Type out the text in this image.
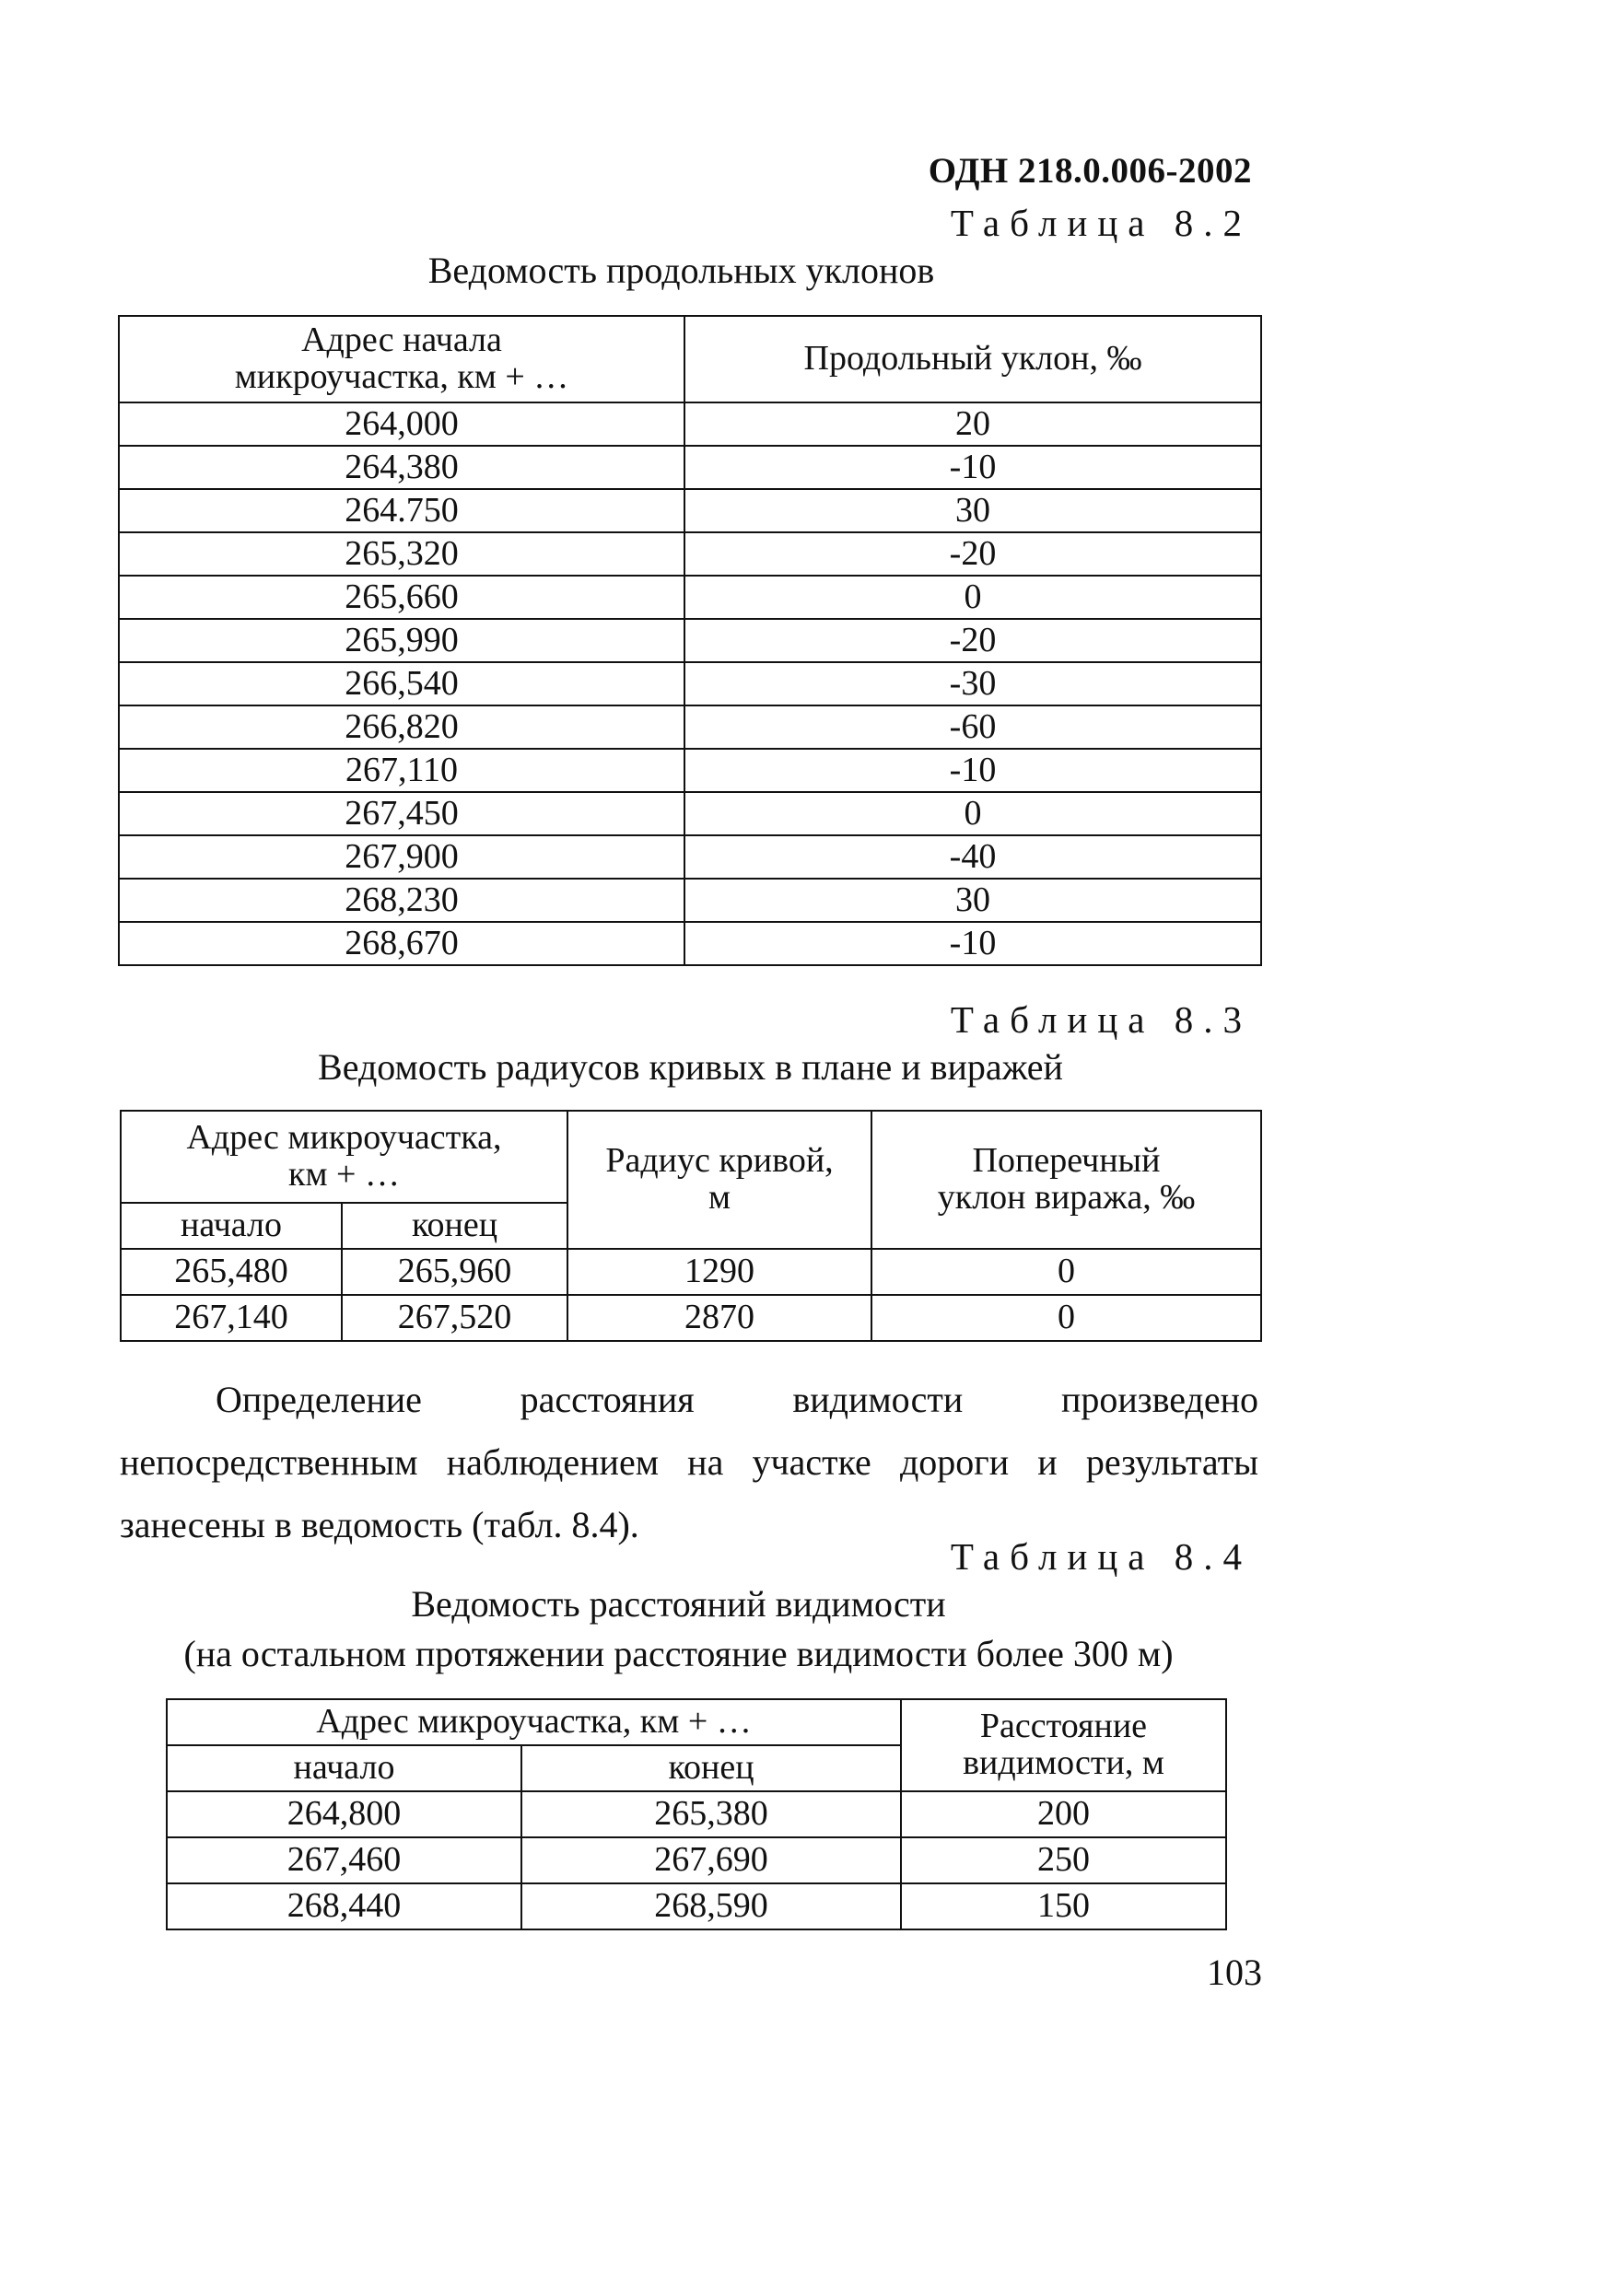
ОДН 218.0.006-2002
Таблица 8.2
Ведомость продольных уклонов
Адрес начала микроучастка, км + …	Продольный уклон, ‰
264,000	20
264,380	-10
264.750	30
265,320	-20
265,660	0
265,990	-20
266,540	-30
266,820	-60
267,110	-10
267,450	0
267,900	-40
268,230	30
268,670	-10
Таблица 8.3
Ведомость радиусов кривых в плане и виражей
Адрес микроучастка, км + …		Радиус кривой, м	Поперечный уклон виража, ‰
начало	конец		
265,480	265,960	1290	0
267,140	267,520	2870	0

Определение расстояния видимости произведено непосредственным наблюдением на участке дороги и результаты занесены в ведомость (табл. 8.4).

Таблица 8.4
Ведомость расстояний видимости
(на остальном протяжении расстояние видимости более 300 м)
Адрес микроучастка, км + …		Расстояние видимости, м
начало	конец	
264,800	265,380	200
267,460	267,690	250
268,440	268,590	150
103
